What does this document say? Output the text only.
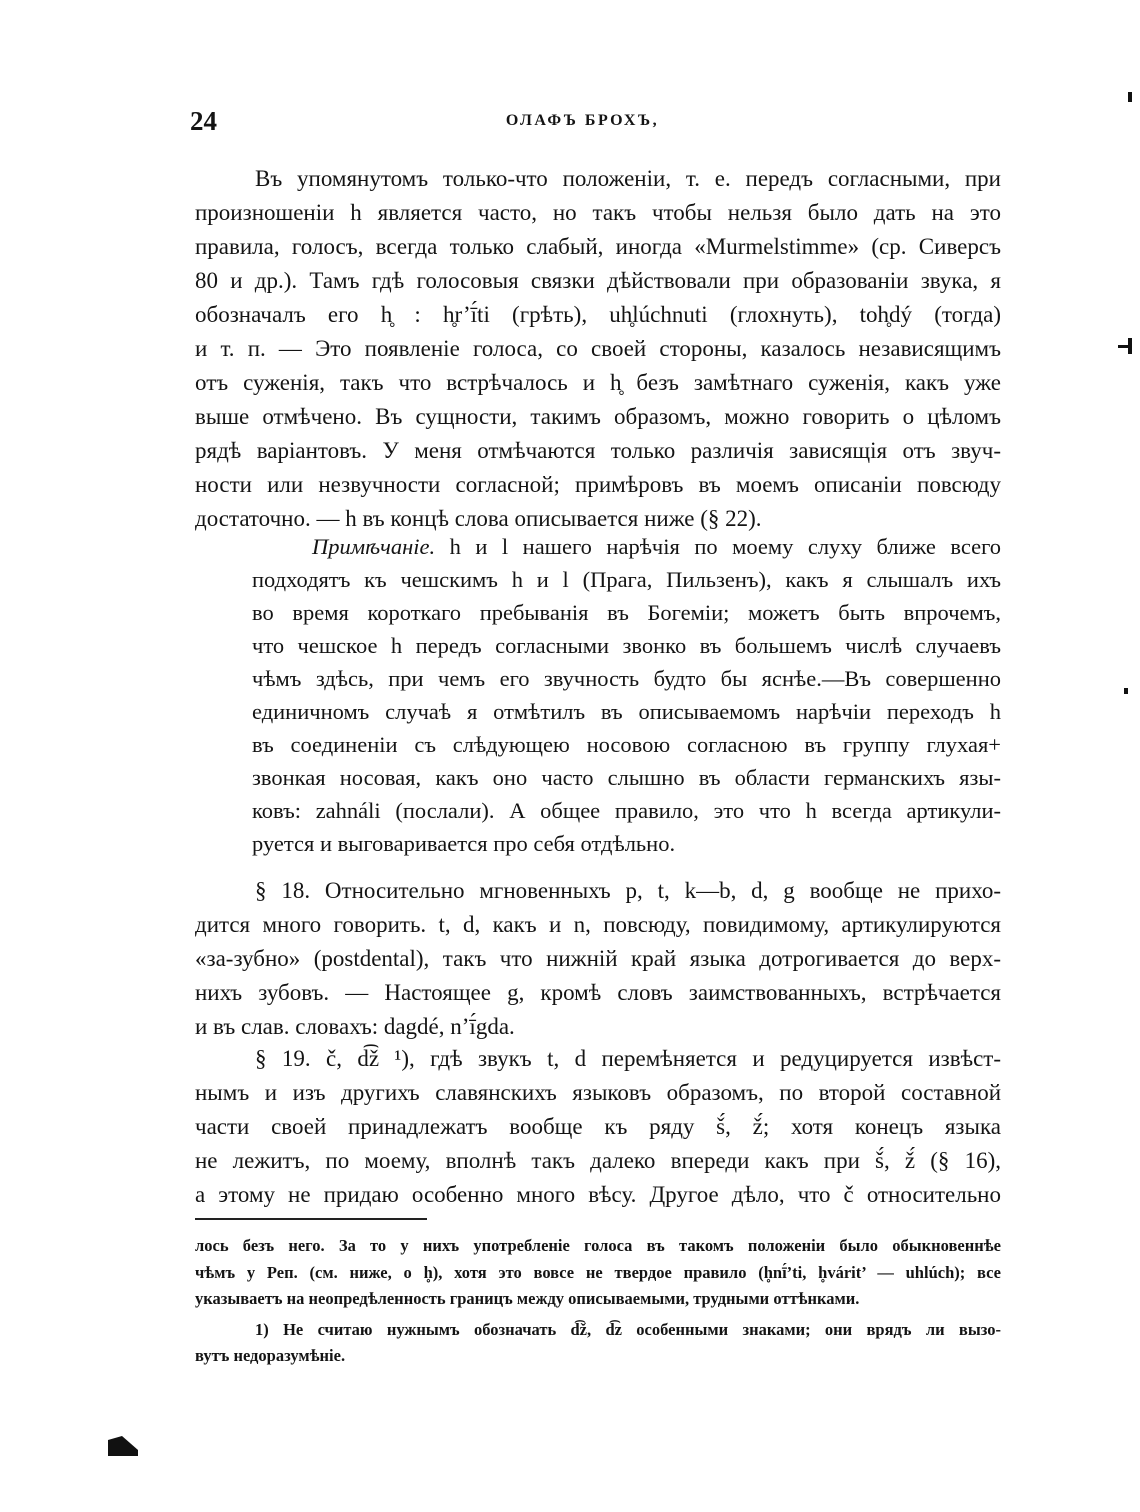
24	ОЛАФЪ БРОХЪ,
Въ упомянутомъ только-что положеніи, т. е. передъ согласными, при
произношеніи h является часто, но такъ чтобы нельзя было дать на это
правила, голосъ, всегда только слабый, иногда «Murmelstimme» (ср. Сиверсъ
80 и др.). Тамъ гдѣ голосовыя связки дѣйствовали при образованіи звука, я
обозначалъ его h̥ : h̥r’ī́ti (грѣть), uh̥lúchnuti (глохнуть), toh̥dý (тогда)
и т. п. — Это появленіе голоса, со своей стороны, казалось независящимъ
отъ суженія, такъ что встрѣчалось и h̥ безъ замѣтнаго суженія, какъ уже
выше отмѣчено. Въ сущности, такимъ образомъ, можно говорить о цѣломъ
рядѣ варіантовъ. У меня отмѣчаются только различія зависящія отъ звуч-
ности или незвучности согласной; примѣровъ въ моемъ описаніи повсюду
достаточно. — h въ концѣ слова описывается ниже (§ 22).
Примѣчаніе. h и l нашего нарѣчія по моему слуху ближе всего
подходятъ къ чешскимъ h и l (Прага, Пильзенъ), какъ я слышалъ ихъ
во время короткаго пребыванія въ Богеміи; можетъ быть впрочемъ,
что чешское h передъ согласными звонко въ большемъ числѣ случаевъ
чѣмъ здѣсь, при чемъ его звучность будто бы яснѣе.—Въ совершенно
единичномъ случаѣ я отмѣтилъ въ описываемомъ нарѣчіи переходъ h
въ соединеніи съ слѣдующею носовою согласною въ группу глухая+
звонкая носовая, какъ оно часто слышно въ области германскихъ язы-
ковъ: zahnáli (послали). А общее правило, это что h всегда артикули-
руется и выговаривается про себя отдѣльно.
§ 18. Относительно мгновенныхъ p, t, k—b, d, g вообще не прихо-
дится много говорить. t, d, какъ и n, повсюду, повидимому, артикулируются
«за-зубно» (postdental), такъ что нижній край языка дотрогивается до верх-
нихъ зубовъ. — Настоящее g, кромѣ словъ заимствованныхъ, встрѣчается
и въ слав. словахъ: dagdé, n’ī́gda.
§ 19. č, d͡ž ¹), гдѣ звукъ t, d перемѣняется и редуцируется извѣст-
нымъ и изъ другихъ славянскихъ языковъ образомъ, по второй составной
части своей принадлежатъ вообще къ ряду š́, ž́; хотя конецъ языка
не лежитъ, по моему, вполнѣ такъ далеко впереди какъ при š́, ž́ (§ 16),
а этому не придаю особенно много вѣсу. Другое дѣло, что č относительно
лось безъ него. За то у нихъ употребленіе голоса въ такомъ положеніи было обыкновеннѣе
чѣмъ у Реп. (см. ниже, о h̥), хотя это вовсе не твердое правило (h̥nī́’ti, h̥várit’ — uhlúch); все
указываетъ на неопредѣленность границъ между описываемыми, трудными оттѣнками.
1) Не считаю нужнымъ обозначать d͡ž, d͡z особенными знаками; они врядъ ли вызо-
вутъ недоразумѣніе.
